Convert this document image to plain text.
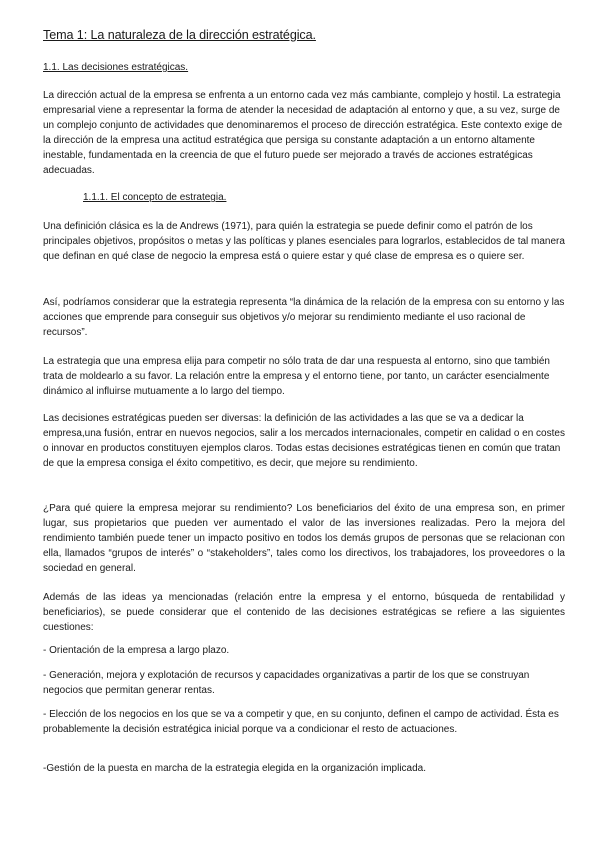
Tema 1: La naturaleza de la dirección estratégica.
1.1. Las decisiones estratégicas.

La dirección actual de la empresa se enfrenta a un entorno cada vez más cambiante, complejo y hostil. La estrategia empresarial viene a representar la forma de atender la necesidad de adaptación al entorno y que, a su vez, surge de un complejo conjunto de actividades que denominaremos el proceso de dirección estratégica. Este contexto exige de la dirección de la empresa una actitud estratégica que persiga su constante adaptación a un entorno altamente inestable, fundamentada en la creencia de que el futuro puede ser mejorado a través de acciones estratégicas adecuadas.

1.1.1. El concepto de estrategia.

Una definición clásica es la de Andrews (1971), para quién la estrategia se puede definir como el patrón de los principales objetivos, propósitos o metas y las políticas y planes esenciales para lograrlos, establecidos de tal manera que definan en qué clase de negocio la empresa está o quiere estar y qué clase de empresa es o quiere ser.

Así, podríamos considerar que la estrategia representa “la dinámica de la relación de la empresa con su entorno y las acciones que emprende para conseguir sus objetivos y/o mejorar su rendimiento mediante el uso racional de recursos”.

La estrategia que una empresa elija para competir no sólo trata de dar una respuesta al entorno, sino que también trata de moldearlo a su favor. La relación entre la empresa y el entorno tiene, por tanto, un carácter esencialmente dinámico al influirse mutuamente a lo largo del tiempo.

Las decisiones estratégicas pueden ser diversas: la definición de las actividades a las que se va a dedicar la empresa,una fusión, entrar en nuevos negocios, salir a los mercados internacionales, competir en calidad o en costes o innovar en productos constituyen ejemplos claros. Todas estas decisiones estratégicas tienen en común que tratan de que la empresa consiga el éxito competitivo, es decir, que mejore su rendimiento.

¿Para qué quiere la empresa mejorar su rendimiento? Los beneficiarios del éxito de una empresa son, en primer lugar, sus propietarios que pueden ver aumentado el valor de las inversiones realizadas. Pero la mejora del rendimiento también puede tener un impacto positivo en todos los demás grupos de personas que se relacionan con ella, llamados “grupos de interés” o “stakeholders”, tales como los directivos, los trabajadores, los proveedores o la sociedad en general.

Además de las ideas ya mencionadas (relación entre la empresa y el entorno, búsqueda de rentabilidad y beneficiarios), se puede considerar que el contenido de las decisiones estratégicas se refiere a las siguientes cuestiones:

- Orientación de la empresa a largo plazo.

- Generación, mejora y explotación de recursos y capacidades organizativas a partir de los que se construyan negocios que permitan generar rentas.

- Elección de los negocios en los que se va a competir y que, en su conjunto, definen el campo de actividad. Ésta es probablemente la decisión estratégica inicial porque va a condicionar el resto de actuaciones.

-Gestión de la puesta en marcha de la estrategia elegida en la organización implicada.
